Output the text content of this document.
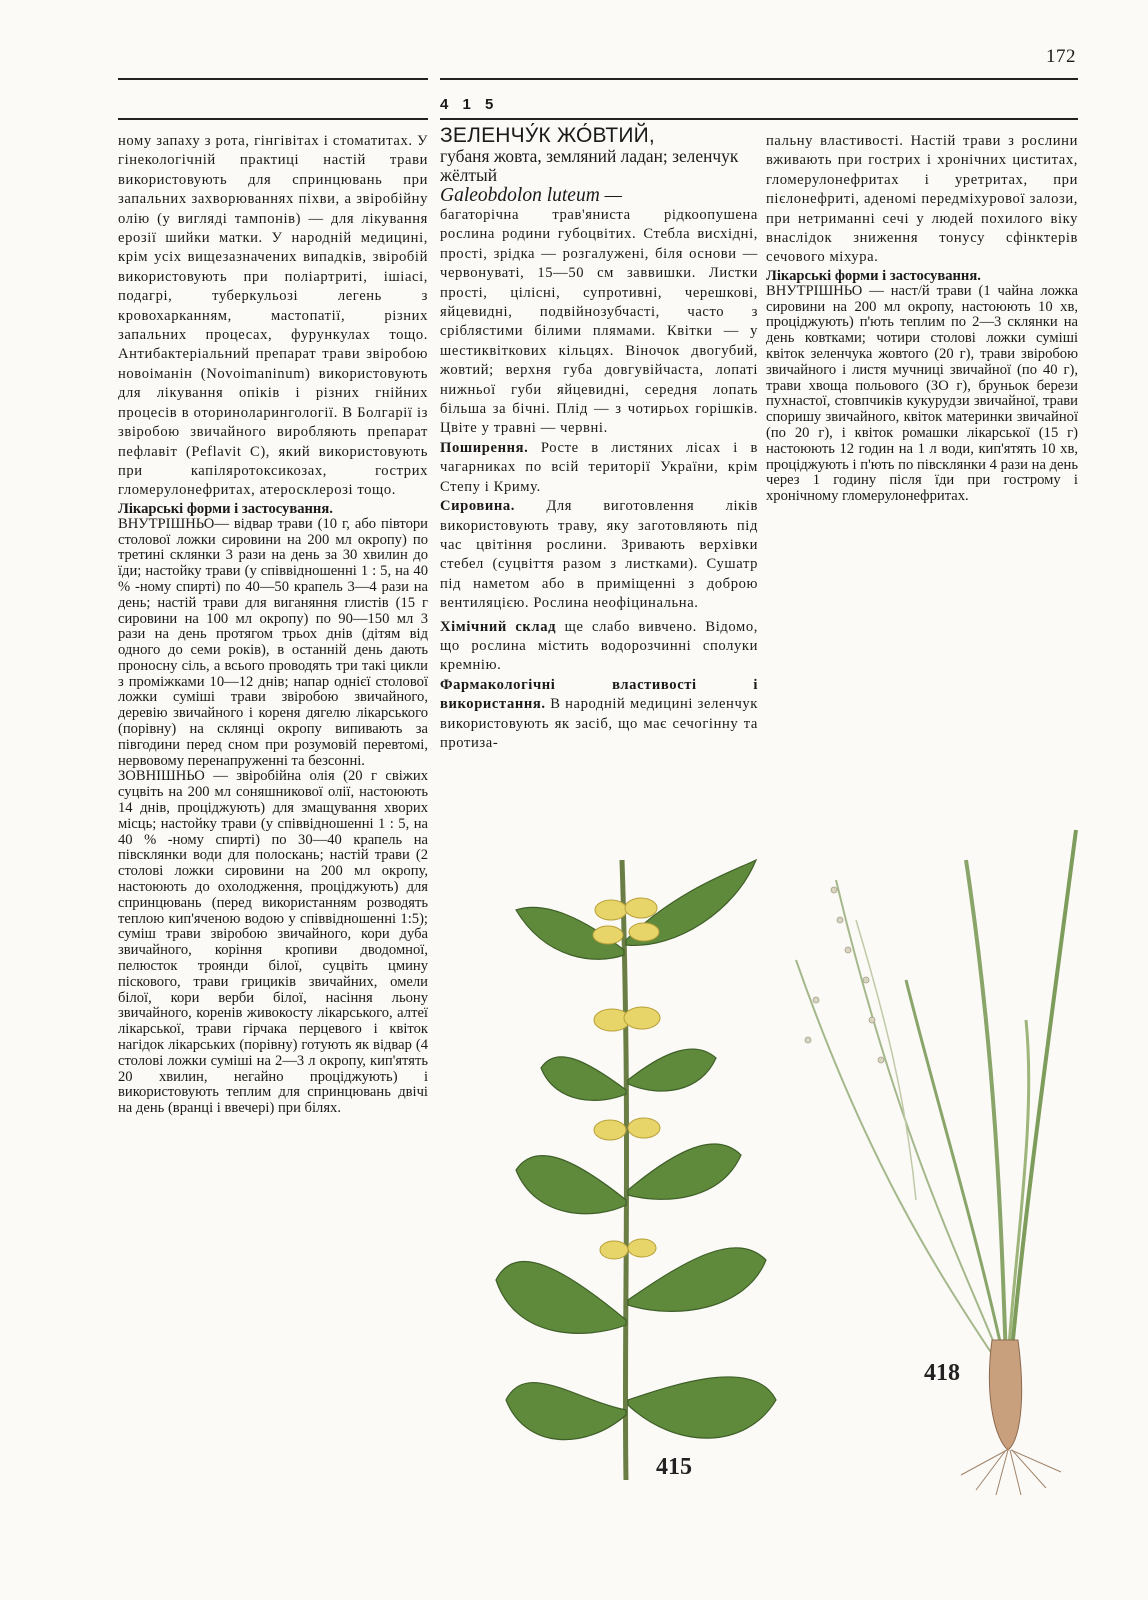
172
4 1 5

ному запаху з рота, гінгівітах і стоматитах. У гінекологічній практиці настій трави використовують для спринцювань при запальних захворюваннях піхви, а звіробійну олію (у вигляді тампонів) — для лікування ерозії шийки матки. У народній медицині, крім усіх вищезазначених випадків, звіробій використовують при поліартриті, ішіасі, подагрі, туберкульозі легень з кровохарканням, мастопатії, різних запальних процесах, фурункулах тощо. Антибактеріальний препарат трави звіробою новоіманін (Novoimaninum) використовують для лікування опіків і різних гнійних процесів в оториноларингології. В Болгарії із звіробою звичайного виробляють препарат пефлавіт (Peflavit С), який використовують при капіляротоксикозах, гострих гломерулонефритах, атеросклерозі тощо.

Лікарські форми і застосування.

ВНУТРІШНЬО— відвар трави (10 г, або півтори столової ложки сировини на 200 мл окропу) по третині склянки 3 рази на день за 30 хвилин до їди; настойку трави (у співвідношенні 1 : 5, на 40 % -ному спирті) по 40—50 крапель 3—4 рази на день; настій трави для виганяння глистів (15 г сировини на 100 мл окропу) по 90—150 мл 3 рази на день протягом трьох днів (дітям від одного до семи років), в останній день дають проносну сіль, а всього проводять три такі цикли з проміжками 10—12 днів; напар однієї столової ложки суміші трави звіробою звичайного, деревію звичайного і кореня дягелю лікарського (порівну) на склянці окропу випивають за півгодини перед сном при розумовій перевтомі, нервовому перенапруженні та безсонні.

ЗОВНІШНЬО — звіробійна олія (20 г свіжих суцвіть на 200 мл соняшникової олії, настоюють 14 днів, проціджують) для змащування хворих місць; настойку трави (у співвідношенні 1 : 5, на 40 % -ному спирті) по 30—40 крапель на півсклянки води для полоскань; настій трави (2 столові ложки сировини на 200 мл окропу, настоюють до охолодження, проціджують) для спринцювань (перед використанням розводять теплою кип'яченою водою у співвідношенні 1:5); суміш трави звіробою звичайного, кори дуба звичайного, коріння кропиви дводомної, пелюсток троянди білої, суцвіть цмину піскового, трави грициків звичайних, омели білої, кори верби білої, насіння льону звичайного, коренів живокосту лікарського, алтеї лікарської, трави гірчака перцевого і квіток нагідок лікарських (порівну) готують як відвар (4 столові ложки суміші на 2—3 л окропу, кип'ятять 20 хвилин, негайно проціджують) і використовують теплим для спринцювань двічі на день (вранці і ввечері) при білях.

ЗЕЛЕНЧУ́К ЖО́ВТИЙ,
губаня жовта, земляний ладан; зеленчук жёлтый
Galeobdolon luteum —

багаторічна трав'яниста рідкоопушена рослина родини губоцвітих. Стебла висхідні, прості, зрідка — розгалужені, біля основи — червонуваті, 15—50 см заввишки. Листки прості, цілісні, супротивні, черешкові, яйцевидні, подвійнозубчасті, часто з сріблястими білими плямами. Квітки — у шестиквіткових кільцях. Віночок двогубий, жовтий; верхня губа довгувійчаста, лопаті нижньої губи яйцевидні, середня лопать більша за бічні. Плід — з чотирьох горішків. Цвіте у травні — червні.

Поширення. Росте в листяних лісах і в чагарниках по всій території України, крім Степу і Криму.

Сировина. Для виготовлення ліків використовують траву, яку заготовляють під час цвітіння рослини. Зривають верхівки стебел (суцвіття разом з листками). Сушатр під наметом або в приміщенні з доброю вентиляцією. Рослина неофіцинальна.

Хімічний склад ще слабо вивчено. Відомо, що рослина містить водорозчинні сполуки кремнію.

Фармакологічні властивості і використання. В народній медицині зеленчук використовують як засіб, що має сечогінну та протиза-

пальну властивості. Настій трави з рослини вживають при гострих і хронічних циститах, гломерулонефритах і уретритах, при пієлонефриті, аденомі передміхурової залози, при нетриманні сечі у людей похилого віку внаслідок зниження тонусу сфінктерів сечового міхура.

Лікарські форми і застосування.

ВНУТРІШНЬО — наст/й трави (1 чайна ложка сировини на 200 мл окропу, настоюють 10 хв, проціджують) п'ють теплим по 2—3 склянки на день ковтками; чотири столові ложки суміші квіток зеленчука жовтого (20 г), трави звіробою звичайного і листя мучниці звичайної (по 40 г), трави хвоща польового (ЗО г), бруньок берези пухнастої, стовпчиків кукурудзи звичайної, трави споришу звичайного, квіток материнки звичайної (по 20 г), і квіток ромашки лікарської (15 г) настоюють 12 годин на 1 л води, кип'ятять 10 хв, проціджують і п'ють по півсклянки 4 рази на день через 1 годину після їди при гострому і хронічному гломерулонефритах.

415
418
